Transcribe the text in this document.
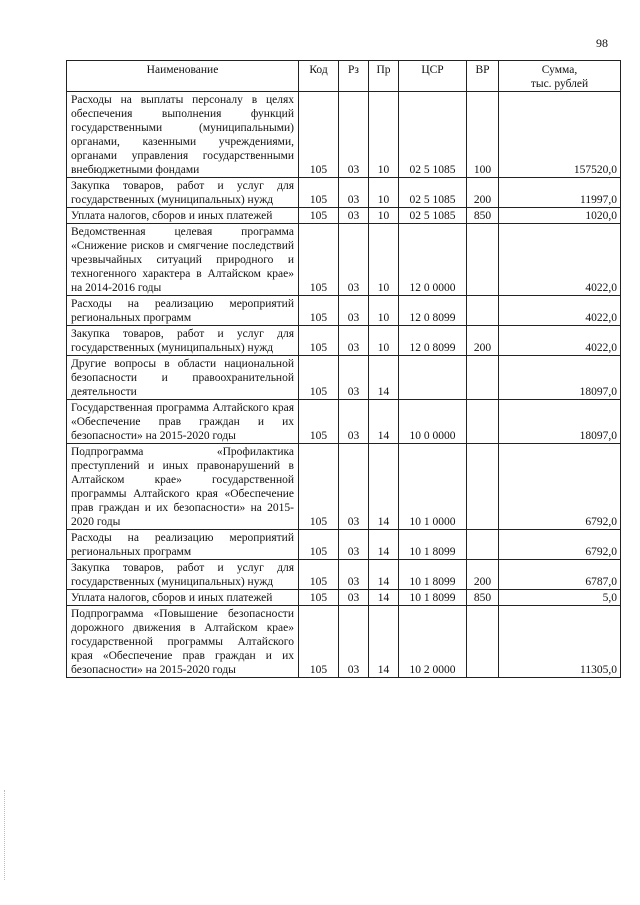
98
Наименование	Код	Рз	Пр	ЦСР	ВР	Сумма,
тыс. рублей

Расходы на выплаты персоналу в целях обеспечения выполнения функций государственными (муниципальными) органами, казенными учреждениями, органами управления государственными внебюджетными фондами	105	03	10	02 5 1085	100	157520,0
Закупка товаров, работ и услуг для государственных (муниципальных) нужд	105	03	10	02 5 1085	200	11997,0
Уплата налогов, сборов и иных платежей	105	03	10	02 5 1085	850	1020,0
Ведомственная целевая программа «Снижение рисков и смягчение последствий чрезвычайных ситуаций природного и техногенного характера в Алтайском крае» на 2014-2016 годы	105	03	10	12 0 0000		4022,0
Расходы на реализацию мероприятий региональных программ	105	03	10	12 0 8099		4022,0
Закупка товаров, работ и услуг для государственных (муниципальных) нужд	105	03	10	12 0 8099	200	4022,0
Другие вопросы в области национальной безопасности и правоохранительной деятельности	105	03	14			18097,0
Государственная программа Алтайского края «Обеспечение прав граждан и их безопасности» на 2015-2020 годы	105	03	14	10 0 0000		18097,0
Подпрограмма «Профилактика преступлений и иных правонарушений в Алтайском крае» государственной программы Алтайского края «Обеспечение прав граждан и их безопасности» на 2015-2020 годы	105	03	14	10 1 0000		6792,0
Расходы на реализацию мероприятий региональных программ	105	03	14	10 1 8099		6792,0
Закупка товаров, работ и услуг для государственных (муниципальных) нужд	105	03	14	10 1 8099	200	6787,0
Уплата налогов, сборов и иных платежей	105	03	14	10 1 8099	850	5,0
Подпрограмма «Повышение безопасности дорожного движения в Алтайском крае» государственной программы Алтайского края «Обеспечение прав граждан и их безопасности» на 2015-2020 годы	105	03	14	10 2 0000		11305,0
